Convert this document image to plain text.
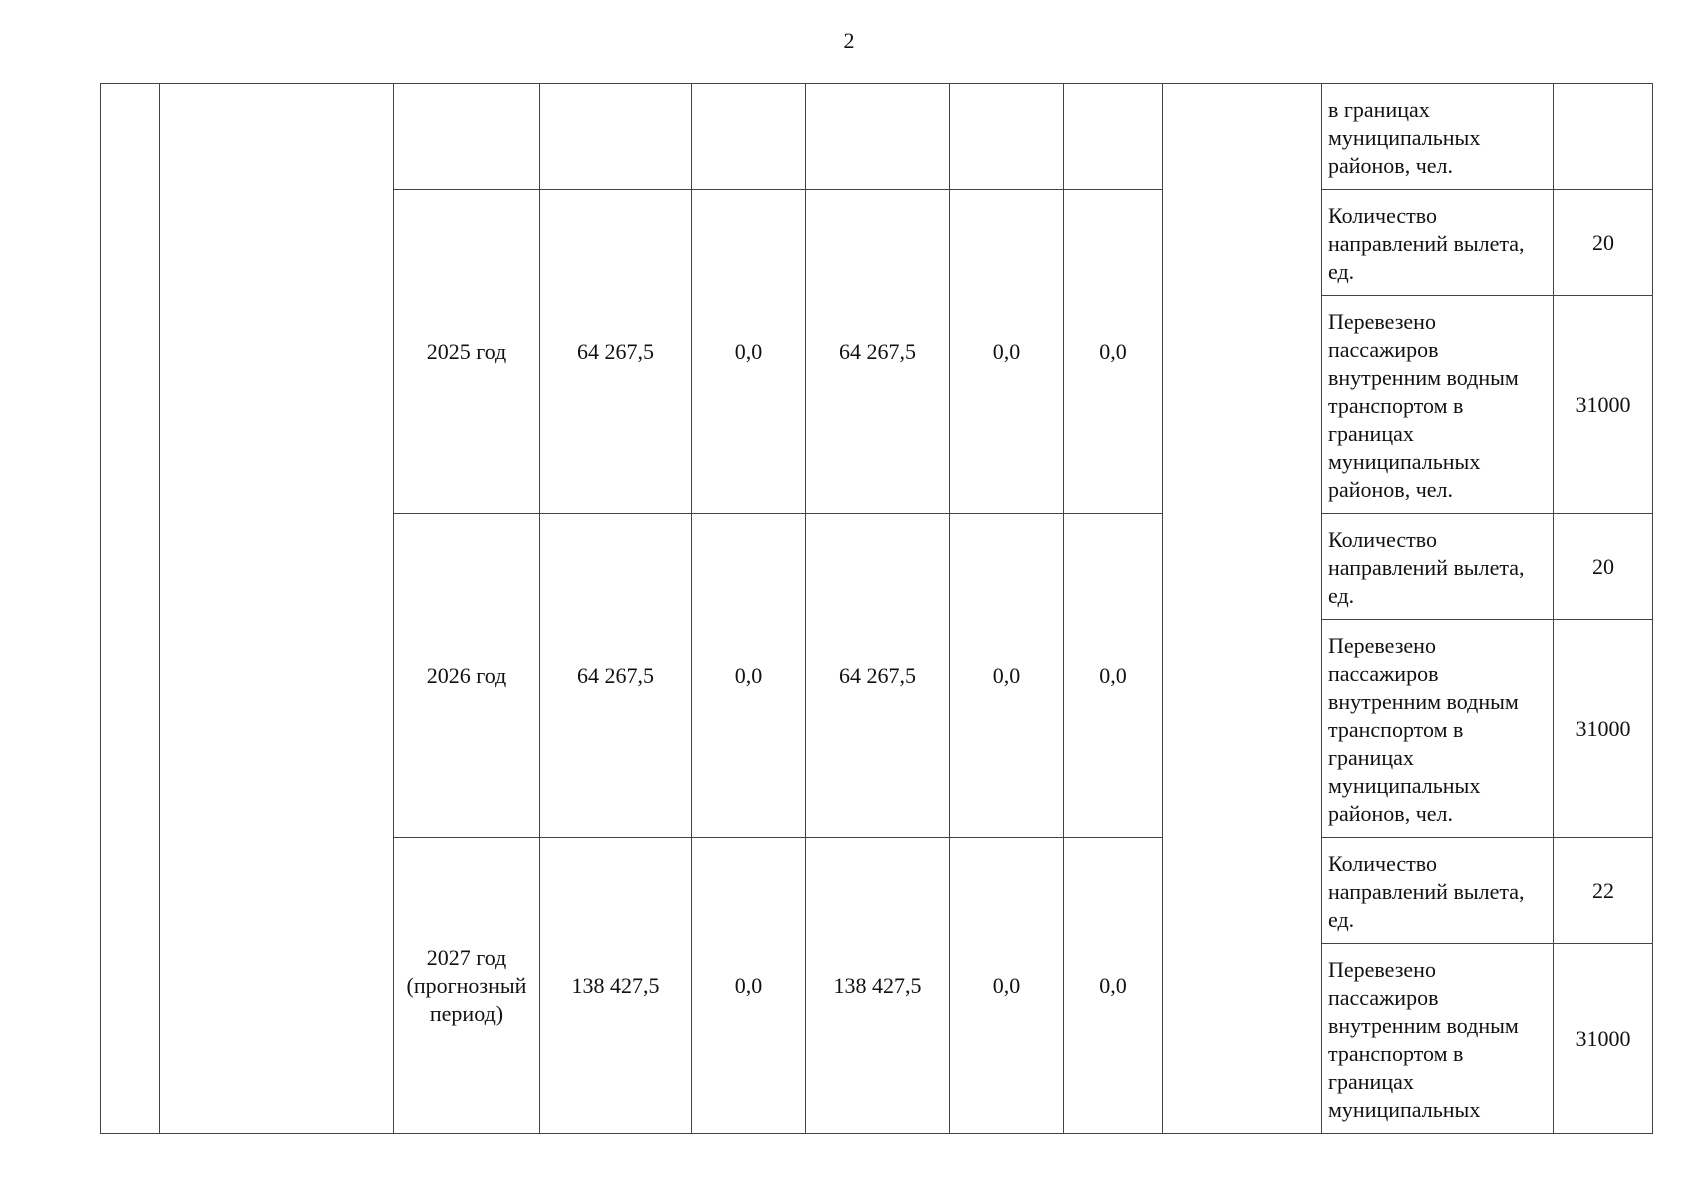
2
									в границах муниципальных районов, чел.	
		2025 год	64 267,5	0,0	64 267,5	0,0	0,0		Количество направлений вылета, ед.	20
									Перевезено пассажиров внутренним водным транспортом в границах муниципальных районов, чел.	31000
		2026 год	64 267,5	0,0	64 267,5	0,0	0,0		Количество направлений вылета, ед.	20
									Перевезено пассажиров внутренним водным транспортом в границах муниципальных районов, чел.	31000
		2027 год (прогнозный период)	138 427,5	0,0	138 427,5	0,0	0,0		Количество направлений вылета, ед.	22
									Перевезено пассажиров внутренним водным транспортом в границах муниципальных	31000
